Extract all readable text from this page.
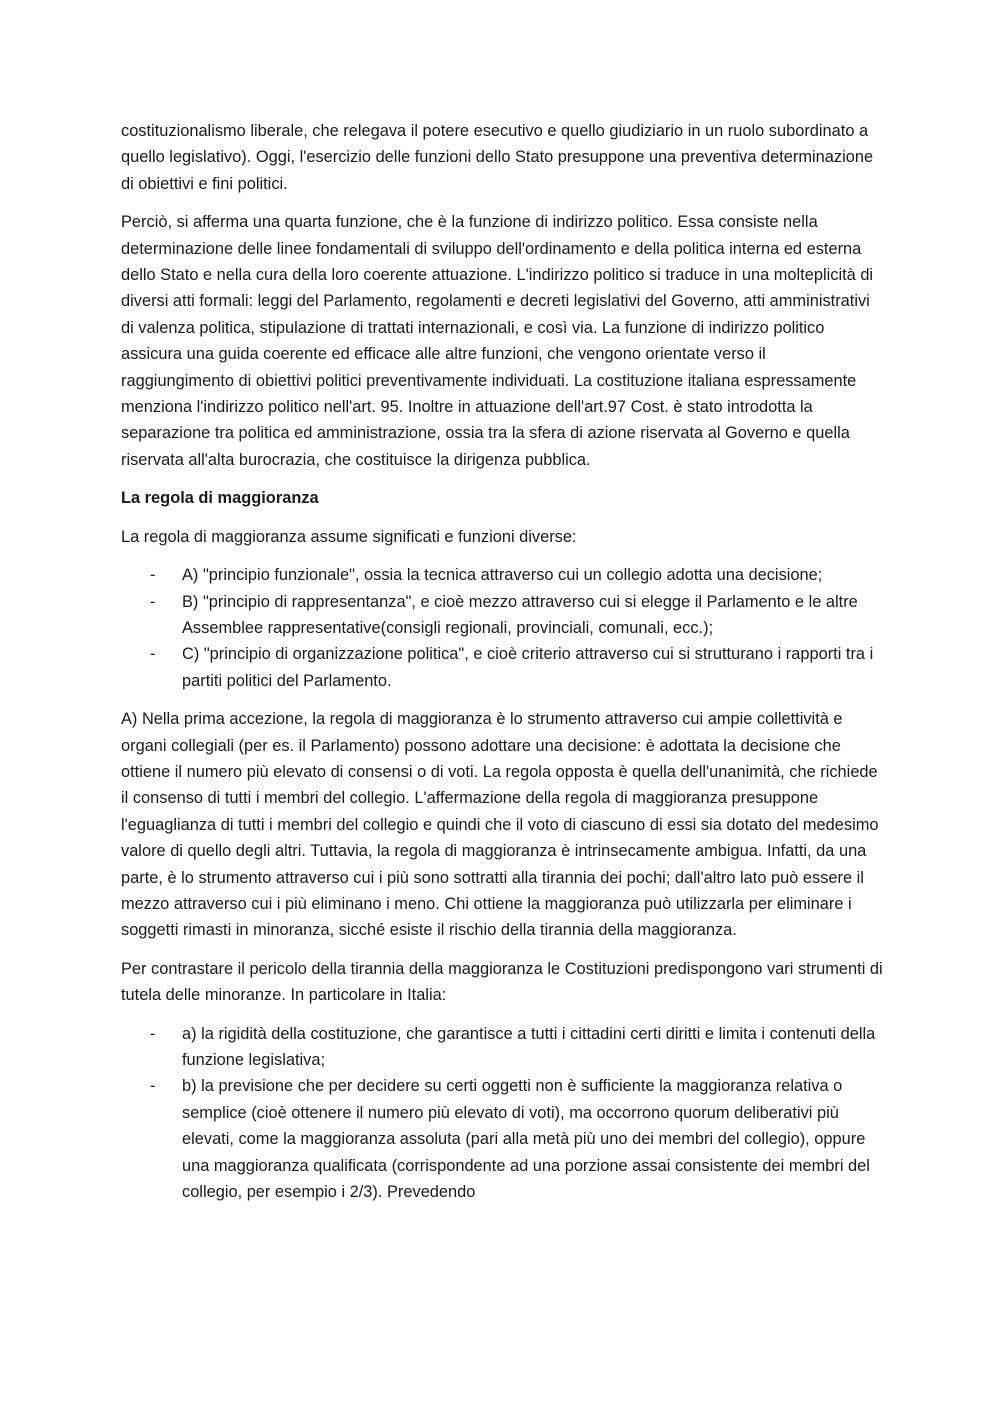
costituzionalismo liberale, che relegava il potere esecutivo e quello giudiziario in un ruolo subordinato a quello legislativo). Oggi, l'esercizio delle funzioni dello Stato presuppone una preventiva determinazione di obiettivi e fini politici.

Perciò, si afferma una quarta funzione, che è la funzione di indirizzo politico. Essa consiste nella determinazione delle linee fondamentali di sviluppo dell'ordinamento e della politica interna ed esterna dello Stato e nella cura della loro coerente attuazione. L'indirizzo politico si traduce in una molteplicità di diversi atti formali: leggi del Parlamento, regolamenti e decreti legislativi del Governo, atti amministrativi di valenza politica, stipulazione di trattati internazionali, e così via. La funzione di indirizzo politico assicura una guida coerente ed efficace alle altre funzioni, che vengono orientate verso il raggiungimento di obiettivi politici preventivamente individuati. La costituzione italiana espressamente menziona l'indirizzo politico nell'art. 95. Inoltre in attuazione dell'art.97 Cost. è stato introdotta la separazione tra politica ed amministrazione, ossia tra la sfera di azione riservata al Governo e quella riservata all'alta burocrazia, che costituisce la dirigenza pubblica.

La regola di maggioranza

La regola di maggioranza assume significati e funzioni diverse:

- A) "principio funzionale", ossia la tecnica attraverso cui un collegio adotta una decisione;
- B) "principio di rappresentanza", e cioè mezzo attraverso cui si elegge il Parlamento e le altre Assemblee rappresentative(consigli regionali, provinciali, comunali, ecc.);
- C) "principio di organizzazione politica", e cioè criterio attraverso cui si strutturano i rapporti tra i partiti politici del Parlamento.

A) Nella prima accezione, la regola di maggioranza è lo strumento attraverso cui ampie collettività e organi collegiali (per es. il Parlamento) possono adottare una decisione: è adottata la decisione che ottiene il numero più elevato di consensi o di voti. La regola opposta è quella dell'unanimità, che richiede il consenso di tutti i membri del collegio. L'affermazione della regola di maggioranza presuppone l'eguaglianza di tutti i membri del collegio e quindi che il voto di ciascuno di essi sia dotato del medesimo valore di quello degli altri. Tuttavia, la regola di maggioranza è intrinsecamente ambigua. Infatti, da una parte, è lo strumento attraverso cui i più sono sottratti alla tirannia dei pochi; dall'altro lato può essere il mezzo attraverso cui i più eliminano i meno. Chi ottiene la maggioranza può utilizzarla per eliminare i soggetti rimasti in minoranza, sicché esiste il rischio della tirannia della maggioranza.

Per contrastare il pericolo della tirannia della maggioranza le Costituzioni predispongono vari strumenti di tutela delle minoranze. In particolare in Italia:

- a) la rigidità della costituzione, che garantisce a tutti i cittadini certi diritti e limita i contenuti della funzione legislativa;
- b) la previsione che per decidere su certi oggetti non è sufficiente la maggioranza relativa o semplice (cioè ottenere il numero più elevato di voti), ma occorrono quorum deliberativi più elevati, come la maggioranza assoluta (pari alla metà più uno dei membri del collegio), oppure una maggioranza qualificata (corrispondente ad una porzione assai consistente dei membri del collegio, per esempio i 2/3). Prevedendo
